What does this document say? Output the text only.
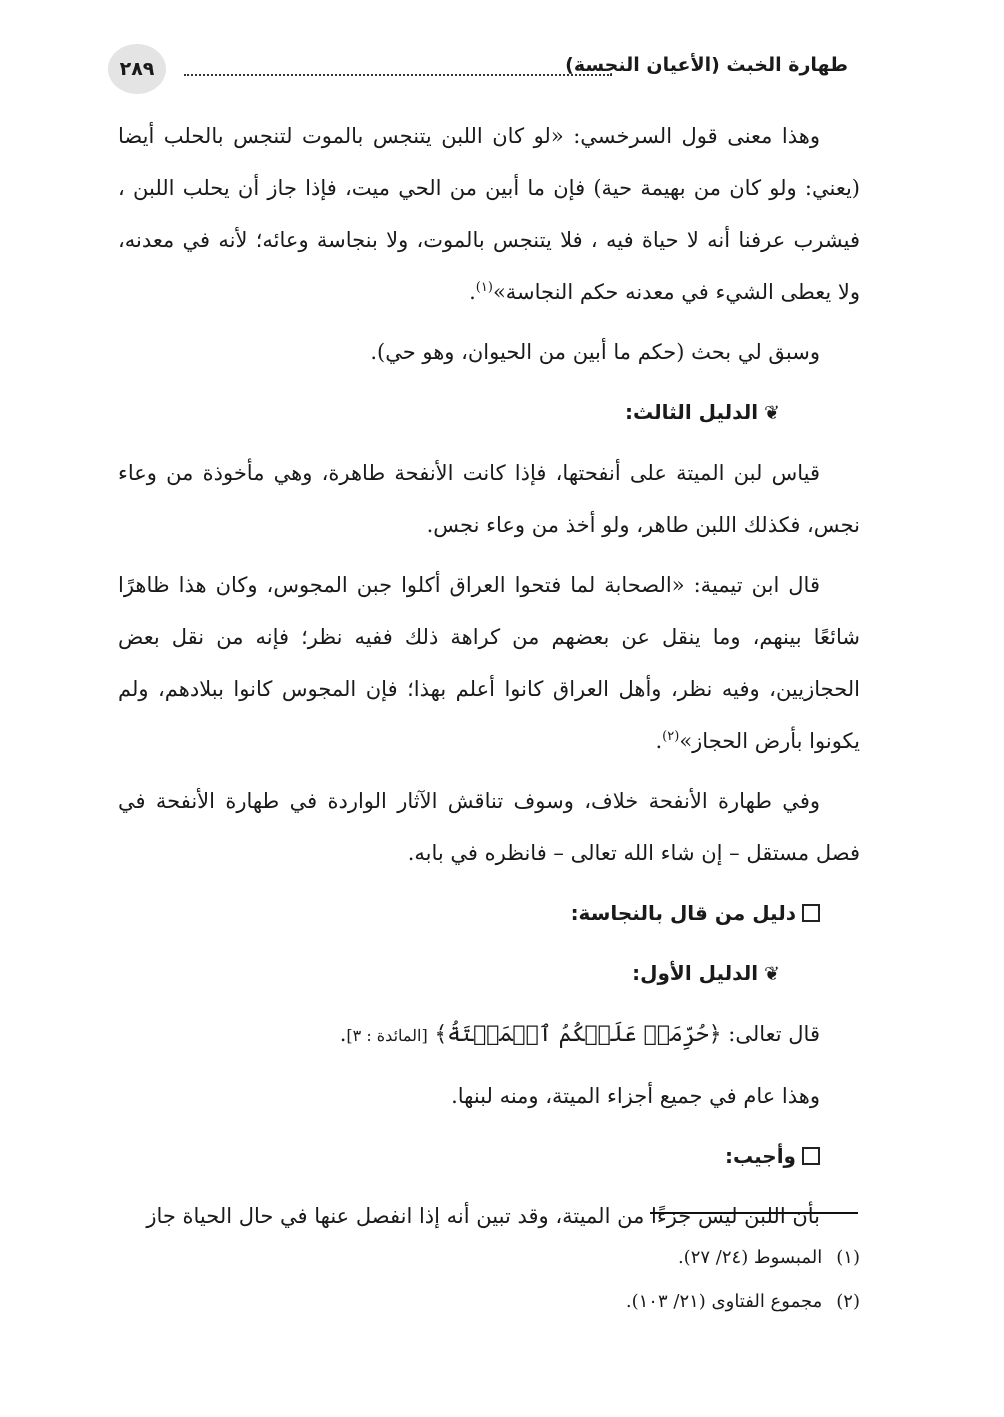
٢٨٩	طهارة الخبث (الأعيان النجسة)

وهذا معنى قول السرخسي: «لو كان اللبن يتنجس بالموت لتنجس بالحلب أيضا (يعني: ولو كان من بهيمة حية) فإن ما أبين من الحي ميت، فإذا جاز أن يحلب اللبن ، فيشرب عرفنا أنه لا حياة فيه ، فلا يتنجس بالموت، ولا بنجاسة وعائه؛ لأنه في معدنه، ولا يعطى الشيء في معدنه حكم النجاسة»$^{(١)}$.

وسبق لي بحث (حكم ما أبين من الحيوان، وهو حي).

❦الدليل الثالث:

قياس لبن الميتة على أنفحتها، فإذا كانت الأنفحة طاهرة، وهي مأخوذة من وعاء نجس، فكذلك اللبن طاهر، ولو أخذ من وعاء نجس.

قال ابن تيمية: «الصحابة لما فتحوا العراق أكلوا جبن المجوس، وكان هذا ظاهرًا شائعًا بينهم، وما ينقل عن بعضهم من كراهة ذلك ففيه نظر؛ فإنه من نقل بعض الحجازيين، وفيه نظر، وأهل العراق كانوا أعلم بهذا؛ فإن المجوس كانوا ببلادهم، ولم يكونوا بأرض الحجاز»$^{(٢)}$.

وفي طهارة الأنفحة خلاف، وسوف تناقش الآثار الواردة في طهارة الأنفحة في فصل مستقل – إن شاء الله تعالى – فانظره في بابه.

دليل من قال بالنجاسة:

❦الدليل الأول:

قال تعالى: ﴿حُرِّمَتۡ عَلَيۡكُمُ ٱلۡمَيۡتَةُ﴾ [المائدة : ٣].

وهذا عام في جميع أجزاء الميتة، ومنه لبنها.

وأجيب:

بأن اللبن ليس جزءًا من الميتة، وقد تبين أنه إذا انفصل عنها في حال الحياة جاز

(١)المبسوط (٢٤/ ٢٧).
(٢)مجموع الفتاوى (٢١/ ١٠٣).
